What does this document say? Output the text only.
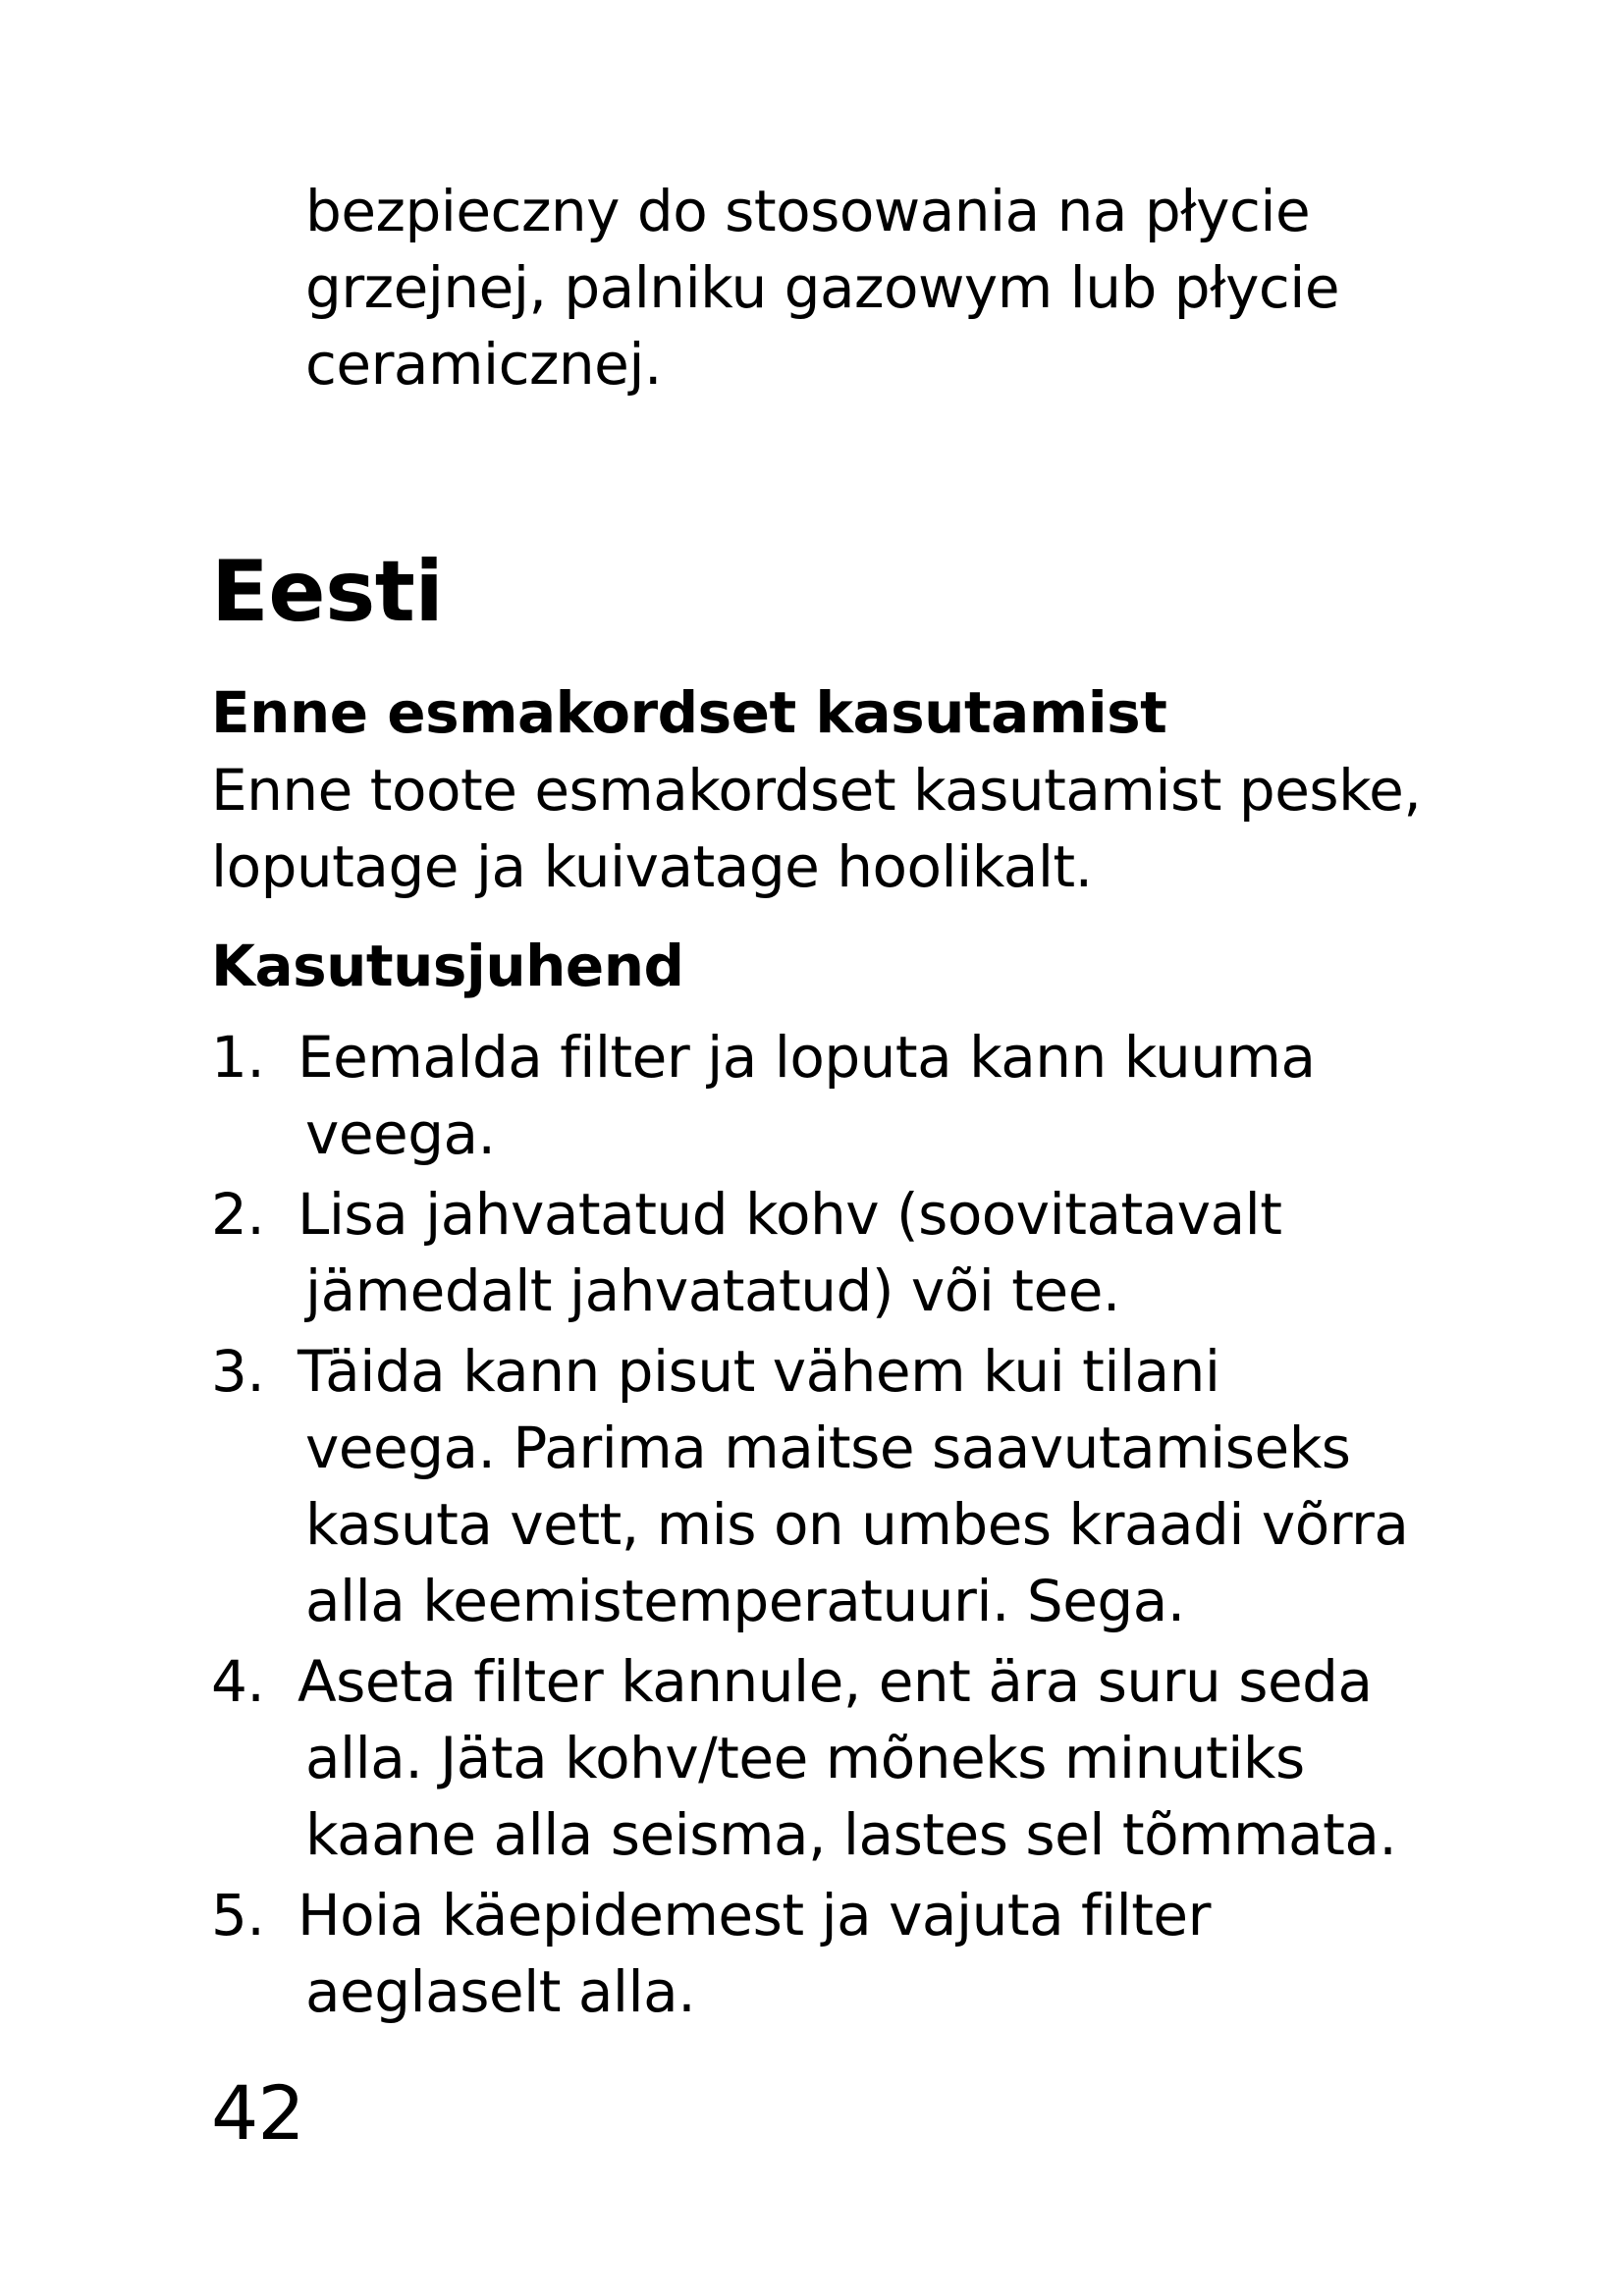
bezpieczny do stosowania na płycie
grzejnej, palniku gazowym lub płycie
ceramicznej.
Eesti
Enne esmakordset kasutamist
Enne toote esmakordset kasutamist peske,
loputage ja kuivatage hoolikalt.
Kasutusjuhend
1. Eemalda filter ja loputa kann kuuma
veega.
2. Lisa jahvatatud kohv (soovitatavalt
jämedalt jahvatatud) või tee.
3. Täida kann pisut vähem kui tilani
veega. Parima maitse saavutamiseks
kasuta vett, mis on umbes kraadi võrra
alla keemistemperatuuri. Sega.
4. Aseta filter kannule, ent ära suru seda
alla. Jäta kohv/tee mõneks minutiks
kaane alla seisma, lastes sel tõmmata.
5. Hoia käepidemest ja vajuta filter
aeglaselt alla.
42
